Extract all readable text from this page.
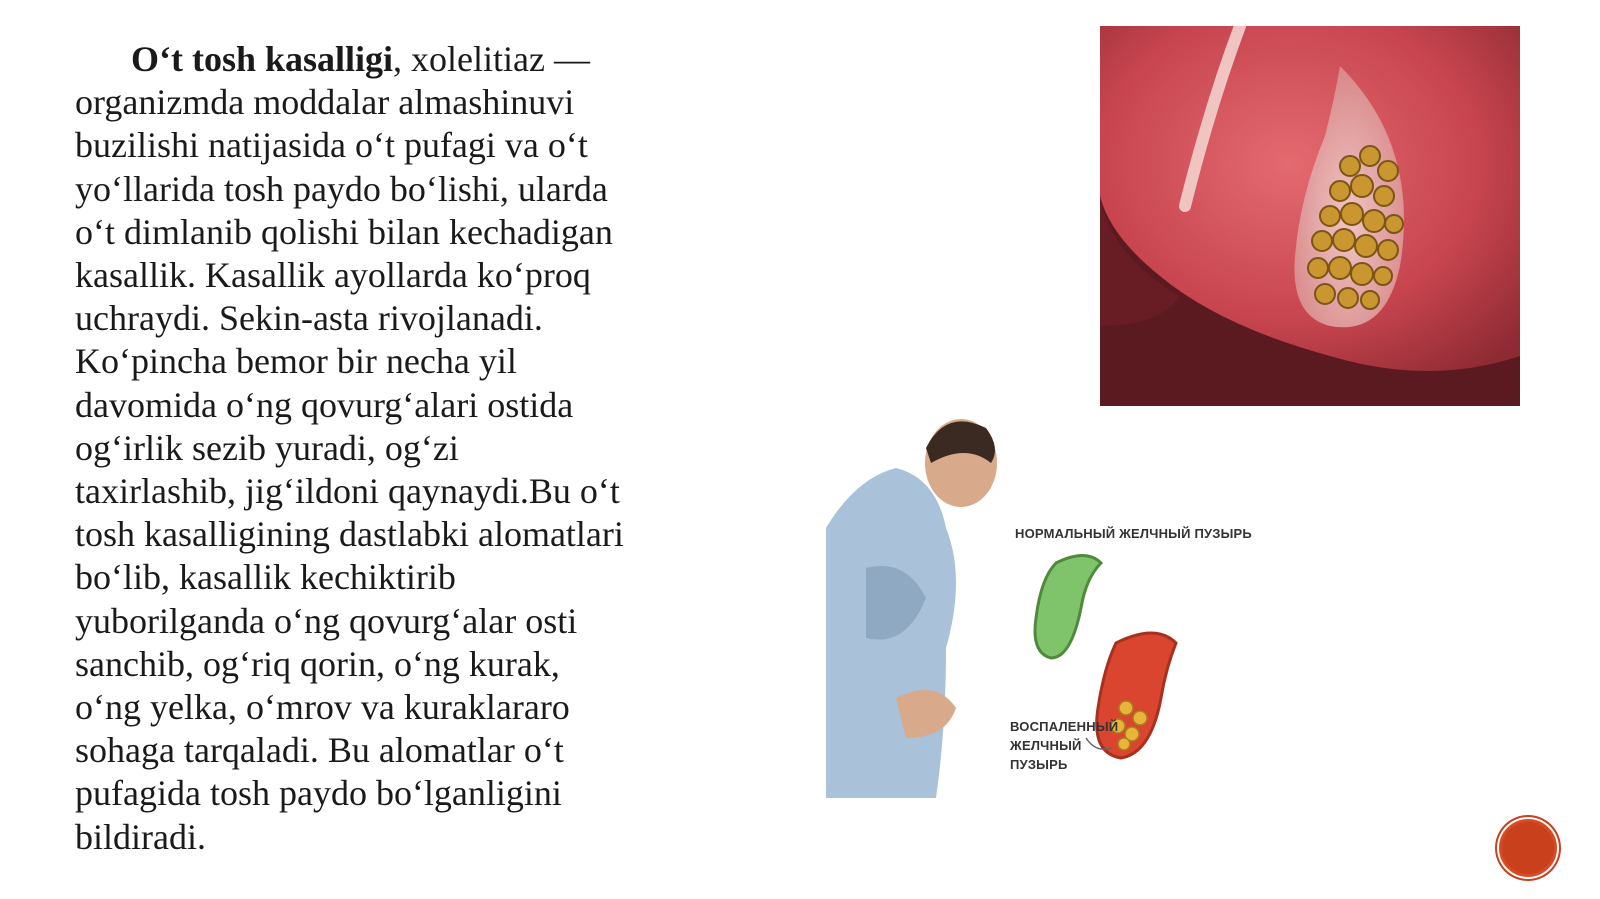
O‘t tosh kasalligi, xolelitiaz —
organizmda moddalar almashinuvi
buzilishi natijasida o‘t pufagi va o‘t
yo‘llarida tosh paydo bo‘lishi, ularda
o‘t dimlanib qolishi bilan kechadigan
kasallik. Kasallik ayollarda ko‘proq
uchraydi. Sekin-asta rivojlanadi.
Ko‘pincha bemor bir necha yil
davomida o‘ng qovurg‘alari ostida
og‘irlik sezib yuradi, og‘zi
taxirlashib, jig‘ildoni qaynaydi.Bu o‘t
tosh kasalligining dastlabki alomatlari
bo‘lib, kasallik kechiktirib
yuborilganda o‘ng qovurg‘alar osti
sanchib, og‘riq qorin, o‘ng kurak,
o‘ng yelka, o‘mrov va kuraklararo
sohaga tarqaladi. Bu alomatlar o‘t
pufagida tosh paydo bo‘lganligini
bildiradi.
НОРМАЛЬНЫЙ ЖЕЛЧНЫЙ ПУЗЫРЬ
ВОСПАЛЕННЫЙ
ЖЕЛЧНЫЙ
ПУЗЫРЬ
